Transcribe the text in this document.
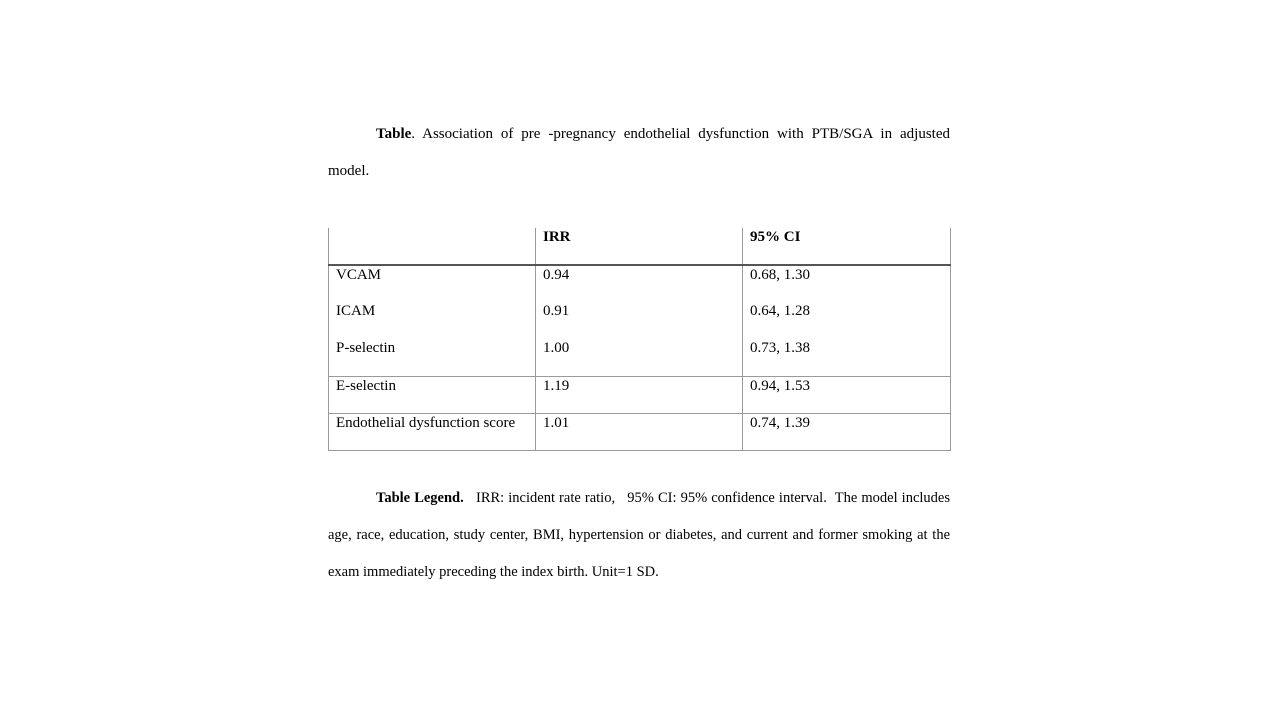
Table. Association of pre -pregnancy endothelial dysfunction with PTB/SGA in adjusted model.

	IRR	95% CI
VCAM	0.94	0.68, 1.30
ICAM	0.91	0.64, 1.28
P-selectin	1.00	0.73, 1.38
E-selectin	1.19	0.94, 1.53
Endothelial dysfunction score	1.01	0.74, 1.39

Table Legend.   IRR: incident rate ratio,   95% CI: 95% confidence interval.  The model includes age, race, education, study center, BMI, hypertension or diabetes, and current and former smoking at the exam immediately preceding the index birth. Unit=1 SD.
